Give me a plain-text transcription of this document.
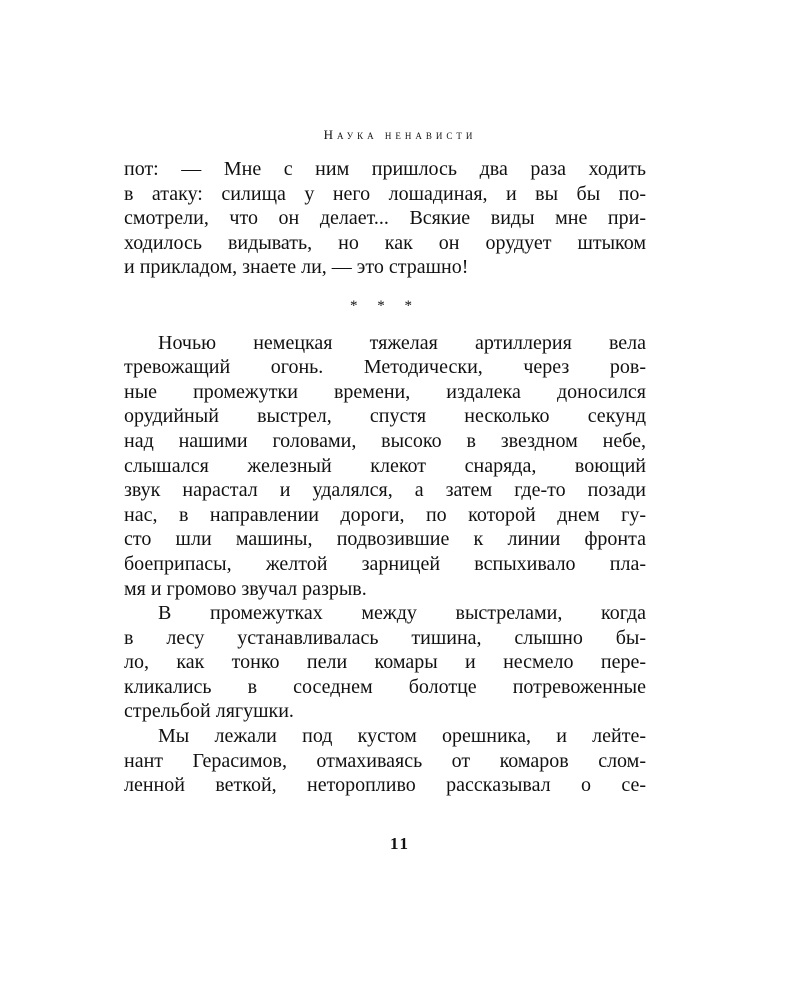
Наука ненависти
пот: — Мне с ним пришлось два раза ходить
в атаку: силища у него лошадиная, и вы бы по-
смотрели, что он делает... Всякие виды мне при-
ходилось видывать, но как он орудует штыком
и прикладом, знаете ли, — это страшно!
* * *
Ночью немецкая тяжелая артиллерия вела
тревожащий огонь. Методически, через ров-
ные промежутки времени, издалека доносился
орудийный выстрел, спустя несколько секунд
над нашими головами, высоко в звездном небе,
слышался железный клекот снаряда, воющий
звук нарастал и удалялся, а затем где-то позади
нас, в направлении дороги, по которой днем гу-
сто шли машины, подвозившие к линии фронта
боеприпасы, желтой зарницей вспыхивало пла-
мя и громово звучал разрыв.
В промежутках между выстрелами, когда
в лесу устанавливалась тишина, слышно бы-
ло, как тонко пели комары и несмело пере-
кликались в соседнем болотце потревоженные
стрельбой лягушки.
Мы лежали под кустом орешника, и лейте-
нант Герасимов, отмахиваясь от комаров слом-
ленной веткой, неторопливо рассказывал о се-
11
